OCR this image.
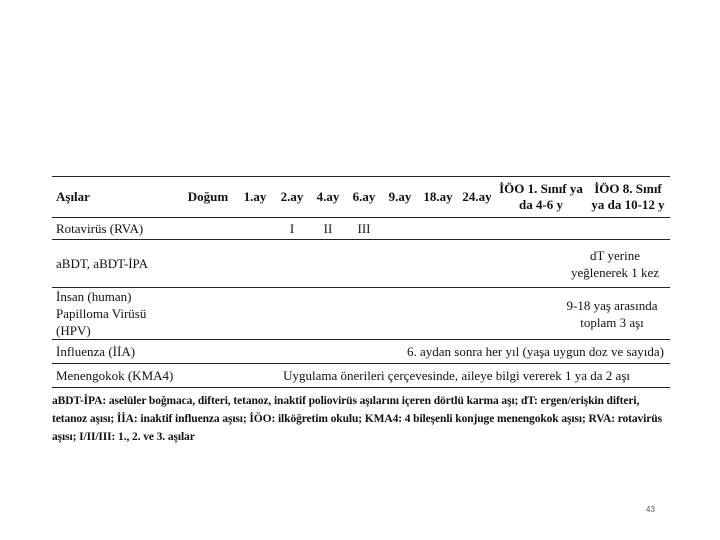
Aşılar	Doğum	1.ay	2.ay	4.ay	6.ay	9.ay	18.ay	24.ay	İÖO 1. Sınıf ya da 4-6 y	İÖO 8. Sınıf ya da 10-12 y
Rotavirüs (RVA)			I	II	III					
aBDT, aBDT-İPA	dT yerine yeğlenerek 1 kez									
İnsan (human) Papilloma Virüsü (HPV)	9-18 yaş arasında toplam 3 aşı									
İnfluenza (İİA)	6. aydan sonra her yıl (yaşa uygun doz ve sayıda)									
Menengokok (KMA4)	Uygulama önerileri çerçevesinde, aileye bilgi vererek 1 ya da 2 aşı									
aBDT-İPA: aselüler boğmaca, difteri, tetanoz, inaktif poliovirüs aşılarını içeren dörtlü karma aşı; dT: ergen/erişkin difteri, tetanoz aşısı; İİA: inaktif influenza aşısı; İÖO: ilköğretim okulu; KMA4: 4 bileşenli konjuge menengokok aşısı; RVA: rotavirüs aşısı; I/II/III: 1., 2. ve 3. aşılar
43
